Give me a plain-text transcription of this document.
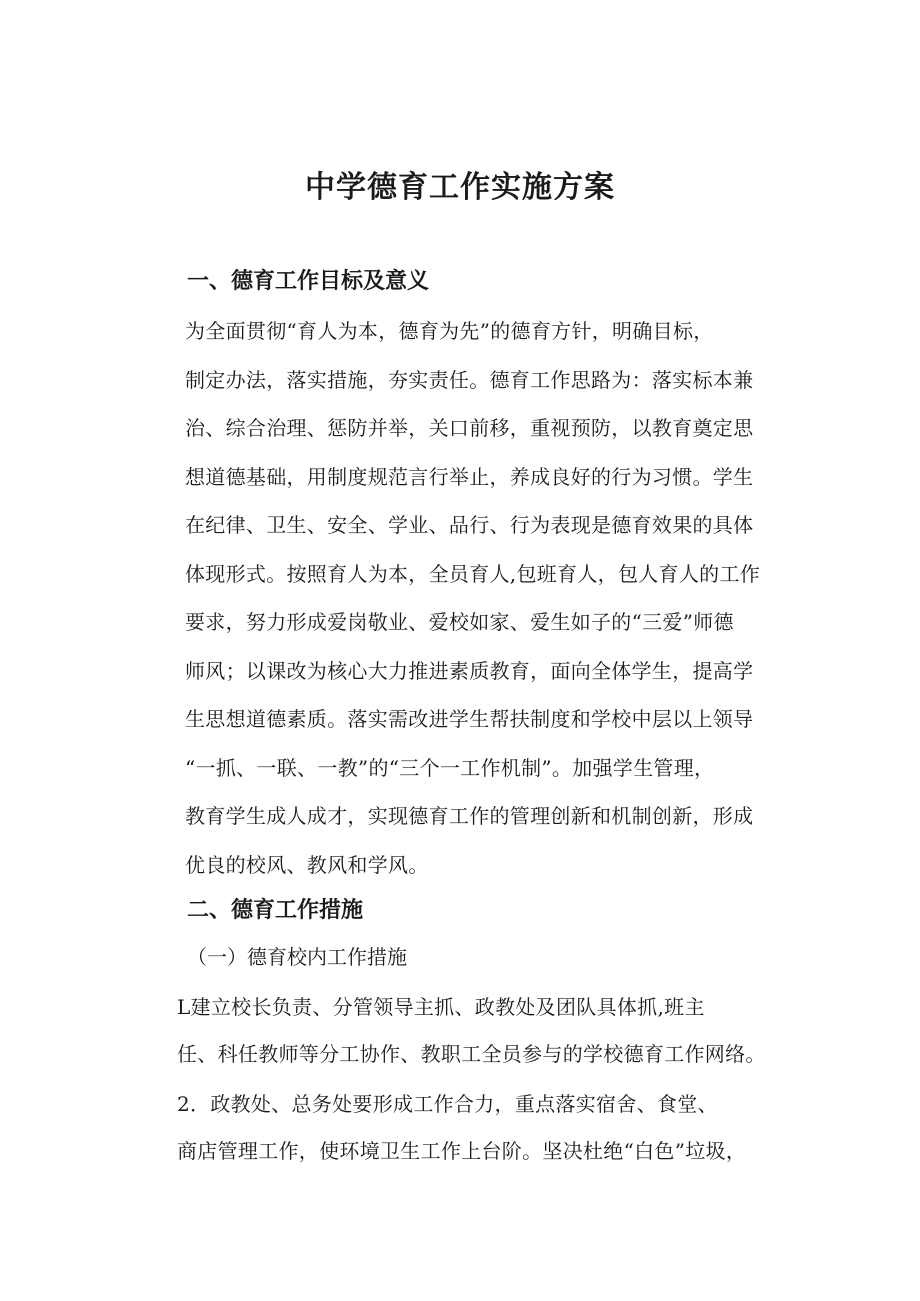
中学德育工作实施方案
一、德育工作目标及意义

为全面贯彻“育人为本，德育为先”的德育方针，明确目标，
制定办法，落实措施，夯实责任。德育工作思路为：落实标本兼
治、综合治理、惩防并举，关口前移，重视预防，以教育奠定思
想道德基础，用制度规范言行举止，养成良好的行为习惯。学生
在纪律、卫生、安全、学业、品行、行为表现是德育效果的具体
体现形式。按照育人为本，全员育人,包班育人，包人育人的工作
要求，努力形成爱岗敬业、爱校如家、爱生如子的“三爱”师德
师风；以课改为核心大力推进素质教育，面向全体学生，提高学
生思想道德素质。落实需改进学生帮扶制度和学校中层以上领导
“一抓、一联、一教”的“三个一工作机制”。加强学生管理，
教育学生成人成才，实现德育工作的管理创新和机制创新，形成
优良的校风、教风和学风。

二、德育工作措施

（一）德育校内工作措施

L建立校长负责、分管领导主抓、政教处及团队具体抓,班主
任、科任教师等分工协作、教职工全员参与的学校德育工作网络。

2．政教处、总务处要形成工作合力，重点落实宿舍、食堂、
商店管理工作，使环境卫生工作上台阶。坚决杜绝“白色”垃圾，
